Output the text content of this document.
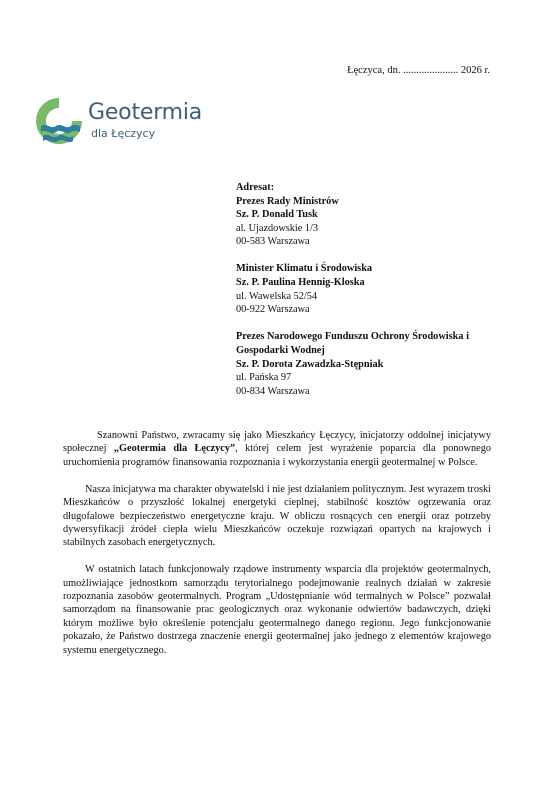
Łęczyca, dn. ..................... 2026 r.
Geotermia
dla Łęczycy
Adresat:
Prezes Rady Ministrów
Sz. P. Donald Tusk
al. Ujazdowskie 1/3
00-583 Warszawa
Minister Klimatu i Środowiska
Sz. P. Paulina Hennig-Kloska
ul. Wawelska 52/54
00-922 Warszawa
Prezes Narodowego Funduszu Ochrony Środowiska i Gospodarki Wodnej
Sz. P. Dorota Zawadzka-Stępniak
ul. Pańska 97
00-834 Warszawa

Szanowni Państwo, zwracamy się jako Mieszkańcy Łęczycy, inicjatorzy oddolnej inicjatywy społecznej „Geotermia dla Łęczycy”, której celem jest wyrażenie poparcia dla ponownego uruchomienia programów finansowania rozpoznania i wykorzystania energii geotermalnej w Polsce.

Nasza inicjatywa ma charakter obywatelski i nie jest działaniem politycznym. Jest wyrazem troski Mieszkańców o przyszłość lokalnej energetyki cieplnej, stabilność kosztów ogrzewania oraz długofalowe bezpieczeństwo energetyczne kraju. W obliczu rosnących cen energii oraz potrzeby dywersyfikacji źródeł ciepła wielu Mieszkańców oczekuje rozwiązań opartych na krajowych i stabilnych zasobach energetycznych.

W ostatnich latach funkcjonowały rządowe instrumenty wsparcia dla projektów geotermalnych, umożliwiające jednostkom samorządu terytorialnego podejmowanie realnych działań w zakresie rozpoznania zasobów geotermalnych. Program „Udostępnianie wód termalnych w Polsce” pozwalał samorządom na finansowanie prac geologicznych oraz wykonanie odwiertów badawczych, dzięki którym możliwe było określenie potencjału geotermalnego danego regionu. Jego funkcjonowanie pokazało, że Państwo dostrzega znaczenie energii geotermalnej jako jednego z elementów krajowego systemu energetycznego.
